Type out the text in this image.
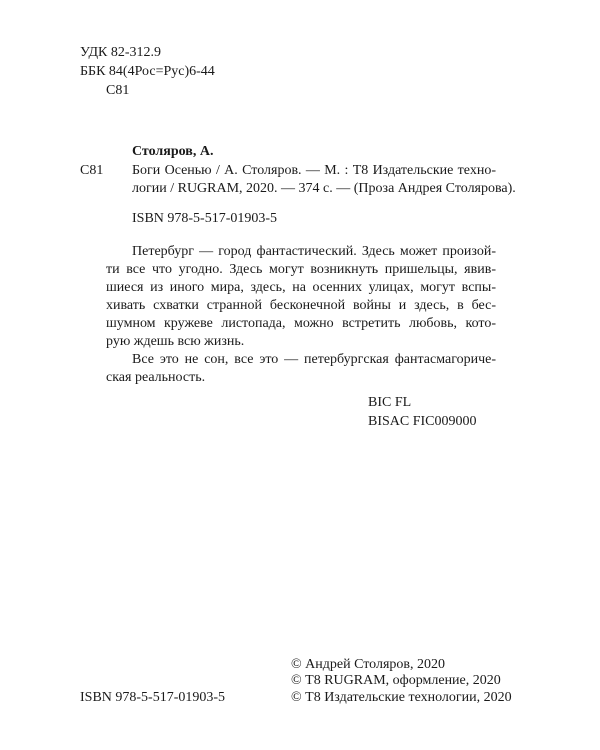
УДК 82-312.9
ББК 84(4Рос=Рус)6-44
С81
Столяров, А.
С81 Боги Осенью / А. Столяров. — М. : Т8 Издательские техно-
логии / RUGRAM, 2020. — 374 с. — (Проза Андрея Столярова).
ISBN 978-5-517-01903-5
Петербург — город фантастический. Здесь может произой-
ти все что угодно. Здесь могут возникнуть пришельцы, явив-
шиеся из иного мира, здесь, на осенних улицах, могут вспы-
хивать схватки странной бесконечной войны и здесь, в бес-
шумном кружеве листопада, можно встретить любовь, кото-
рую ждешь всю жизнь.
Все это не сон, все это — петербургская фантасмагориче-
ская реальность.
BIC FL
BISAC FIC009000
ISBN 978-5-517-01903-5
© Андрей Столяров, 2020
© Т8 RUGRAM, оформление, 2020
© Т8 Издательские технологии, 2020
